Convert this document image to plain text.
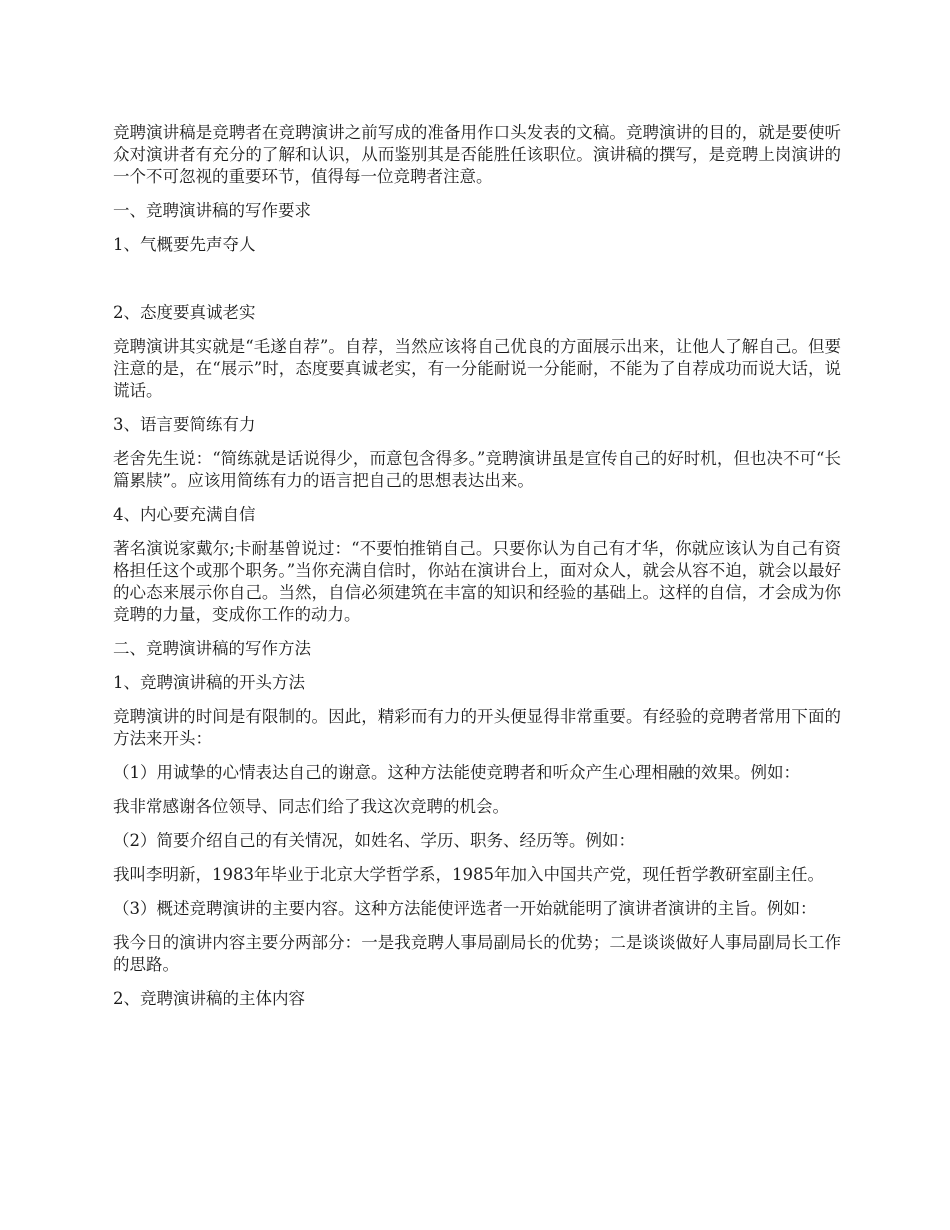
竞聘演讲稿是竞聘者在竞聘演讲之前写成的准备用作口头发表的文稿。竞聘演讲的目的，就是要使听众对演讲者有充分的了解和认识，从而鉴别其是否能胜任该职位。演讲稿的撰写，是竞聘上岗演讲的一个不可忽视的重要环节，值得每一位竞聘者注意。

一、竞聘演讲稿的写作要求

1、气概要先声夺人

2、态度要真诚老实

竞聘演讲其实就是“毛遂自荐”。自荐，当然应该将自己优良的方面展示出来，让他人了解自己。但要注意的是，在“展示”时，态度要真诚老实，有一分能耐说一分能耐，不能为了自荐成功而说大话，说谎话。

3、语言要简练有力

老舍先生说：“简练就是话说得少，而意包含得多。”竞聘演讲虽是宣传自己的好时机，但也决不可“长篇累牍”。应该用简练有力的语言把自己的思想表达出来。

4、内心要充满自信

著名演说家戴尔;卡耐基曾说过：“不要怕推销自己。只要你认为自己有才华，你就应该认为自己有资格担任这个或那个职务。”当你充满自信时，你站在演讲台上，面对众人，就会从容不迫，就会以最好的心态来展示你自己。当然，自信必须建筑在丰富的知识和经验的基础上。这样的自信，才会成为你竞聘的力量，变成你工作的动力。

二、竞聘演讲稿的写作方法

1、竞聘演讲稿的开头方法

竞聘演讲的时间是有限制的。因此，精彩而有力的开头便显得非常重要。有经验的竞聘者常用下面的方法来开头：

（1）用诚挚的心情表达自己的谢意。这种方法能使竞聘者和听众产生心理相融的效果。例如：

我非常感谢各位领导、同志们给了我这次竞聘的机会。

（2）简要介绍自己的有关情况，如姓名、学历、职务、经历等。例如：

我叫李明新，1983年毕业于北京大学哲学系，1985年加入中国共产党，现任哲学教研室副主任。

（3）概述竞聘演讲的主要内容。这种方法能使评选者一开始就能明了演讲者演讲的主旨。例如：

我今日的演讲内容主要分两部分：一是我竞聘人事局副局长的优势；二是谈谈做好人事局副局长工作的思路。

2、竞聘演讲稿的主体内容
